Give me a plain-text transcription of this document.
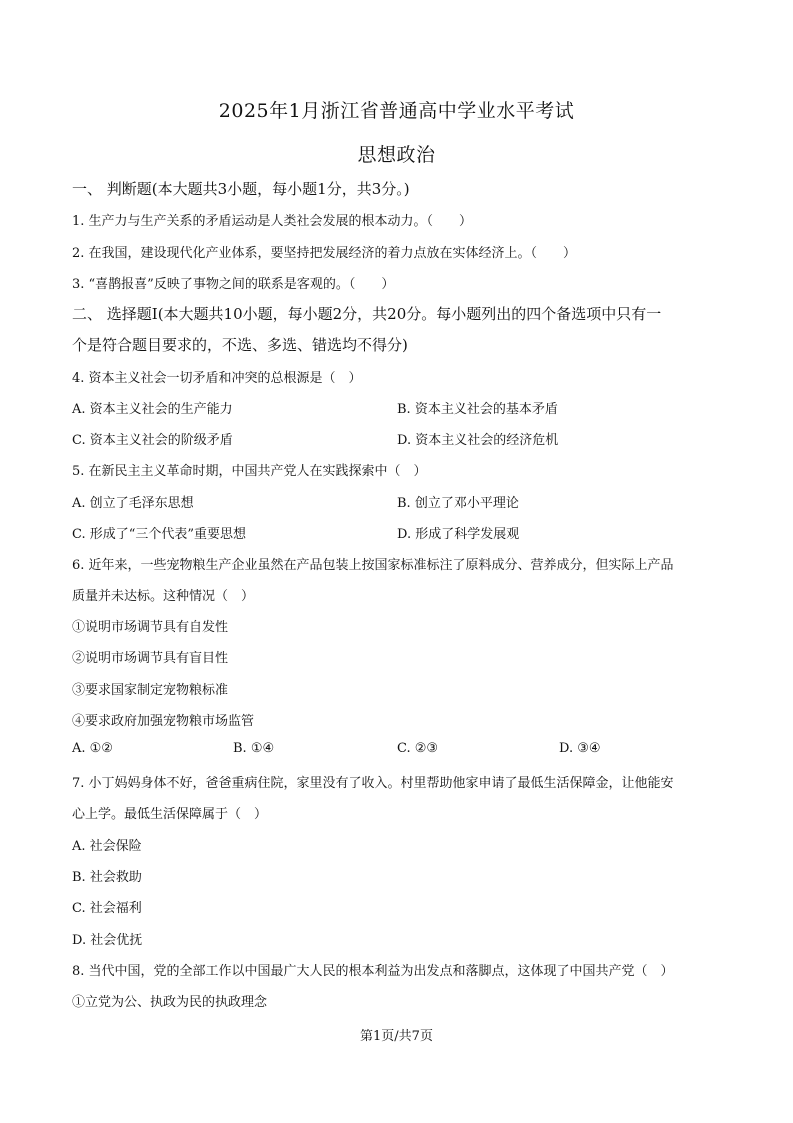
2025年1月浙江省普通高中学业水平考试
思想政治
一、 判断题(本大题共3小题，每小题1分，共3分。)
1. 生产力与生产关系的矛盾运动是人类社会发展的根本动力。（　　）
2. 在我国，建设现代化产业体系，要坚持把发展经济的着力点放在实体经济上。（　　）
3. “喜鹊报喜”反映了事物之间的联系是客观的。（　　）
二、 选择题Ⅰ(本大题共10小题，每小题2分，共20分。每小题列出的四个备选项中只有一
个是符合题目要求的，不选、多选、错选均不得分)
4. 资本主义社会一切矛盾和冲突的总根源是（　）
A. 资本主义社会的生产能力	B. 资本主义社会的基本矛盾
C. 资本主义社会的阶级矛盾	D. 资本主义社会的经济危机
5. 在新民主主义革命时期，中国共产党人在实践探索中（　）
A. 创立了毛泽东思想	B. 创立了邓小平理论
C. 形成了“三个代表”重要思想	D. 形成了科学发展观
6. 近年来，一些宠物粮生产企业虽然在产品包装上按国家标准标注了原料成分、营养成分，但实际上产品
质量并未达标。这种情况（　）
①说明市场调节具有自发性
②说明市场调节具有盲目性
③要求国家制定宠物粮标准
④要求政府加强宠物粮市场监管
A. ①②	B. ①④	C. ②③	D. ③④
7. 小丁妈妈身体不好，爸爸重病住院，家里没有了收入。村里帮助他家申请了最低生活保障金，让他能安
心上学。最低生活保障属于（　）
A. 社会保险
B. 社会救助
C. 社会福利
D. 社会优抚
8. 当代中国，党的全部工作以中国最广大人民的根本利益为出发点和落脚点，这体现了中国共产党（　）
①立党为公、执政为民的执政理念
第1页/共7页
